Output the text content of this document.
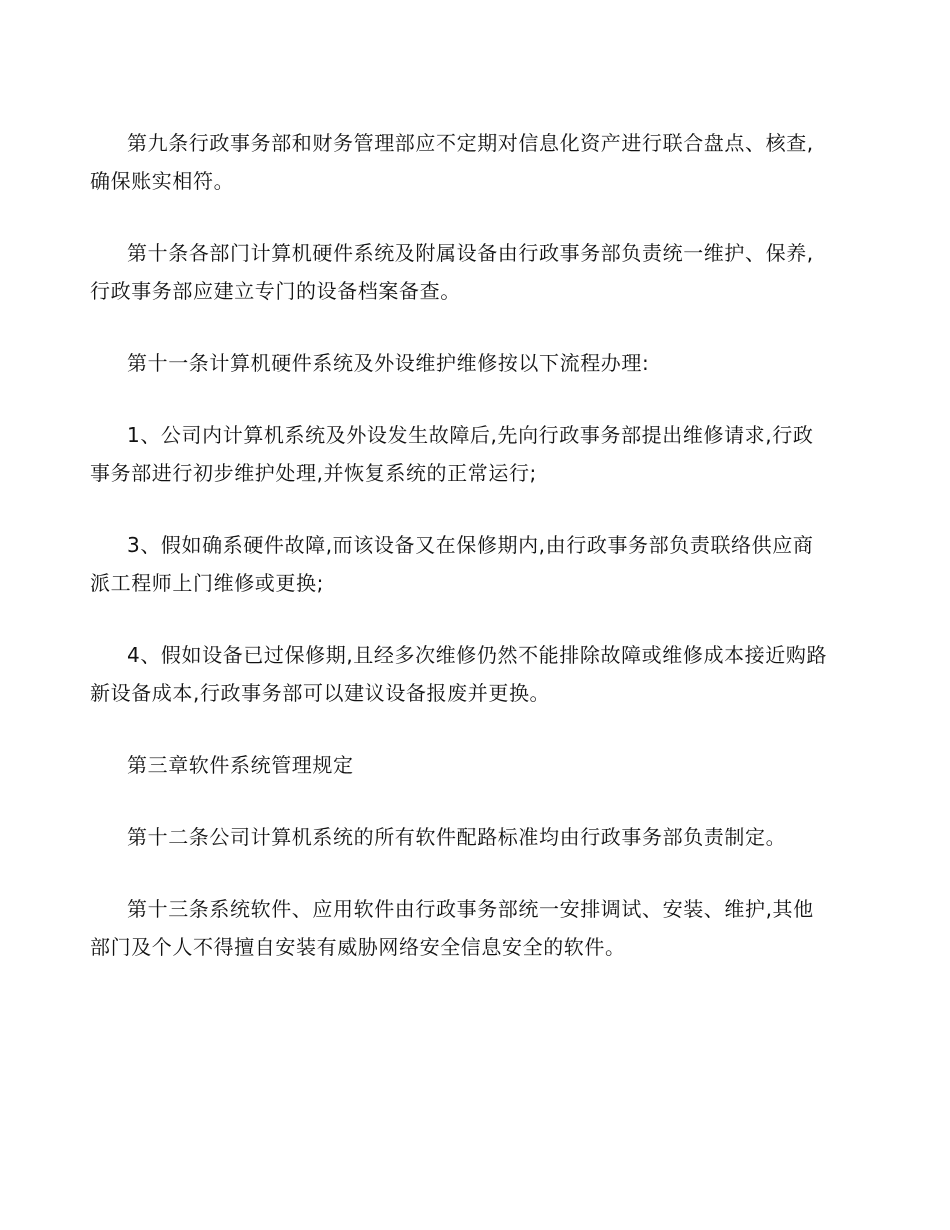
第九条行政事务部和财务管理部应不定期对信息化资产进行联合盘点、核查,
确保账实相符。

第十条各部门计算机硬件系统及附属设备由行政事务部负责统一维护、保养,
行政事务部应建立专门的设备档案备查。

第十一条计算机硬件系统及外设维护维修按以下流程办理:

1、公司内计算机系统及外设发生故障后,先向行政事务部提出维修请求,行政
事务部进行初步维护处理,并恢复系统的正常运行;

3、假如确系硬件故障,而该设备又在保修期内,由行政事务部负责联络供应商
派工程师上门维修或更换;

4、假如设备已过保修期,且经多次维修仍然不能排除故障或维修成本接近购路
新设备成本,行政事务部可以建议设备报废并更换。

第三章软件系统管理规定

第十二条公司计算机系统的所有软件配路标准均由行政事务部负责制定。

第十三条系统软件、应用软件由行政事务部统一安排调试、安装、维护,其他
部门及个人不得擅自安装有威胁网络安全信息安全的软件。
